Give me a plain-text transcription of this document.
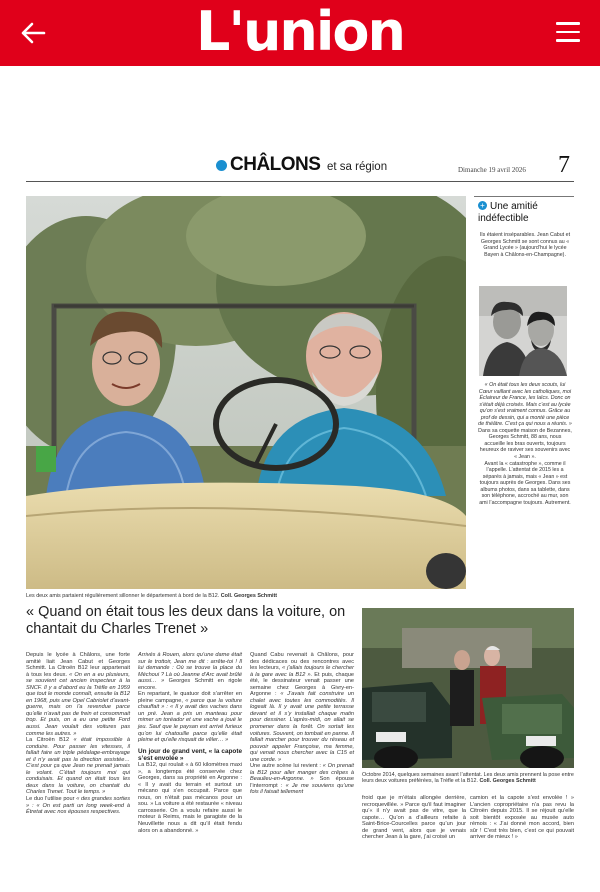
L'union
CHÂLONS et sa région	Dimanche 19 avril 2026 7
Les deux amis partaient régulièrement sillonner le département à bord de la B12. Coll. Georges Schmitt
+ Une amitié indéfectible
Ils étaient inséparables. Jean Cabut et Georges Schmitt se sont connus au « Grand Lycée » (aujourd’hui le lycée Bayen à Châlons-en-Champagne).

« On était tous les deux scouts, lui Cœur vaillant avec les catholiques, moi Éclaireur de France, les laïcs. Donc on s’était déjà croisés. Mais c’est au lycée qu’on s’est vraiment connus. Grâce au prof de dessin, qui a monté une pièce de théâtre. C’est ça qui nous a réunis. »

Dans sa coquette maison de Bezannes, Georges Schmitt, 88 ans, nous accueille les bras ouverts, toujours heureux de raviver ses souvenirs avec « Jean ».

Avant la « catastrophe », comme il l’appelle. L’attentat de 2015 les a séparés à jamais, mais « Jean » est toujours auprès de Georges. Dans ses albums photos, dans sa tablette, dans son téléphone, accroché au mur, son ami l’accompagne toujours. Autrement.

« Quand on était tous les deux dans la voiture, on chantait du Charles Trenet »

Depuis le lycée à Châlons, une forte amitié liait Jean Cabut et Georges Schmitt. La Citroën B12 leur appartenait à tous les deux. « On en a eu plusieurs, se souvient cet ancien inspecteur à la SNCF. Il y a d’abord eu la Trèfle en 1959 que tout le monde connaît, ensuite la B12 en 1968, puis une Opel Cabriolet d’avant-guerre, mais on l’a revendue parce qu’elle n’avait pas de frein et consommait trop. Et puis, on a eu une petite Ford aussi. Jean voulait des voitures pas comme les autres. »

La Citroën B12 « était impossible à conduire. Pour passer les vitesses, il fallait faire un triple pédalage-embrayage et il n’y avait pas la direction assistée… C’est pour ça que Jean ne prenait jamais le volant. C’était toujours moi qui conduisais. Et quand on était tous les deux dans la voiture, on chantait du Charles Trenet. Tout le temps. »

Le duo l’utilise pour « des grandes sorties » : « On est parti un long week-end à Étretat avec nos épouses respectives.

Arrivés à Rouen, alors qu’une dame était sur le trottoir, Jean me dit : arrête-toi ! Il lui demande : Où se trouve la place du Méchoui ? Là où Jeanne d’Arc avait brûlé aussi… » Georges Schmitt en rigole encore.

En repartant, le quatuor doit s’arrêter en pleine campagne, « parce que la voiture chauffait » : « Il y avait des vaches dans un pré. Jean a pris un manteau pour mimer un toréador et une vache a joué le jeu. Sauf que le paysan est arrivé furieux qu’on lui chatouille parce qu’elle était pleine et qu’elle risquait de vêler… »

Un jour de grand vent, « la capote s’est envolée »

La B12, qui roulait « à 60 kilomètres maxi », a longtemps été conservée chez Georges, dans sa propriété en Argonne : « Il y avait du terrain et surtout un mécano qui s’en occupait. Parce que nous, on n’était pas mécanos pour un sou. » La voiture a été restaurée « niveau carrosserie. On a voulu refaire aussi le moteur à Reims, mais le garagiste de la Neuvillette nous a dit qu’il était fendu alors on a abandonné. »

Quand Cabu revenait à Châlons, pour des dédicaces ou des rencontres avec les lecteurs, « j’allais toujours le chercher à la gare avec la B12 ». Et puis, chaque été, le dessinateur venait passer une semaine chez Georges à Givry-en-Argonne : « J’avais fait construire un chalet avec toutes les commodités. Il logeait là. Il y avait une petite terrasse devant et il s’y installait chaque matin pour dessiner. L’après-midi, on allait se promener dans la forêt. On sortait les voitures. Souvent, on tombait en panne. Il fallait marcher pour trouver du réseau et pouvoir appeler Françoise, ma femme, qui venait nous chercher avec la C15 et une corde. »

Une autre scène lui revient : « On prenait la B12 pour aller manger des crêpes à Beaulieu-en-Argonne. » Son épouse l’interrompt : « Je me souviens qu’une fois il faisait tellement

Octobre 2014, quelques semaines avant l’attentat. Les deux amis prennent la pose entre leurs deux voitures préférées, la Trèfle et la B12. Coll. Georges Schmitt
froid que je m’étais allongée derrière, recroquevillée. » Parce qu’il faut imaginer qu’« il n’y avait pas de vitre, que la capote… Qu’on a d’ailleurs refaite à Saint-Brice-Courcelles parce qu’un jour de grand vent, alors que je venais chercher Jean à la gare, j’ai croisé un
camion et la capote s’est envolée ! » L’ancien copropriétaire n’a pas revu la Citroën depuis 2015. Il se réjouit qu’elle soit bientôt exposée au musée auto rémois : « J’ai donné mon accord, bien sûr ! C’est très bien, c’est ce qui pouvait arriver de mieux ! »
